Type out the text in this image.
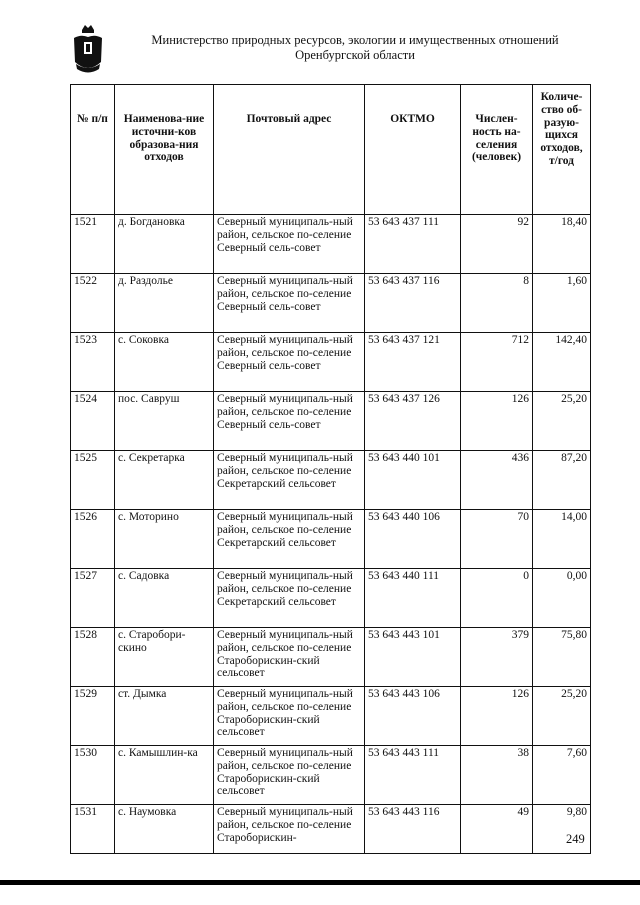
Министерство природных ресурсов, экологии и имущественных отношений
Оренбургской области
№ п/п	Наименова-ние источни-ков образова-ния отходов	Почтовый адрес	ОКТМО	Числен-ность на-селения (человек)	Количе-ство об-разую-щихся отходов, т/год
1521	д. Богдановка	Северный муниципаль-ный район, сельское по-селение Северный сель-совет	53 643 437 111	92	18,40
1522	д. Раздолье	Северный муниципаль-ный район, сельское по-селение Северный сель-совет	53 643 437 116	8	1,60
1523	с. Соковка	Северный муниципаль-ный район, сельское по-селение Северный сель-совет	53 643 437 121	712	142,40
1524	пос. Савруш	Северный муниципаль-ный район, сельское по-селение Северный сель-совет	53 643 437 126	126	25,20
1525	с. Секретарка	Северный муниципаль-ный район, сельское по-селение Секретарский сельсовет	53 643 440 101	436	87,20
1526	с. Моторино	Северный муниципаль-ный район, сельское по-селение Секретарский сельсовет	53 643 440 106	70	14,00
1527	с. Садовка	Северный муниципаль-ный район, сельское по-селение Секретарский сельсовет	53 643 440 111	0	0,00
1528	с. Старобори-скино	Северный муниципаль-ный район, сельское по-селение Староборискин-ский сельсовет	53 643 443 101	379	75,80
1529	ст. Дымка	Северный муниципаль-ный район, сельское по-селение Староборискин-ский сельсовет	53 643 443 106	126	25,20
1530	с. Камышлин-ка	Северный муниципаль-ный район, сельское по-селение Староборискин-ский сельсовет	53 643 443 111	38	7,60
1531	с. Наумовка	Северный муниципаль-ный район, сельское по-селение Староборискин-	53 643 443 116	49	9,80
249
